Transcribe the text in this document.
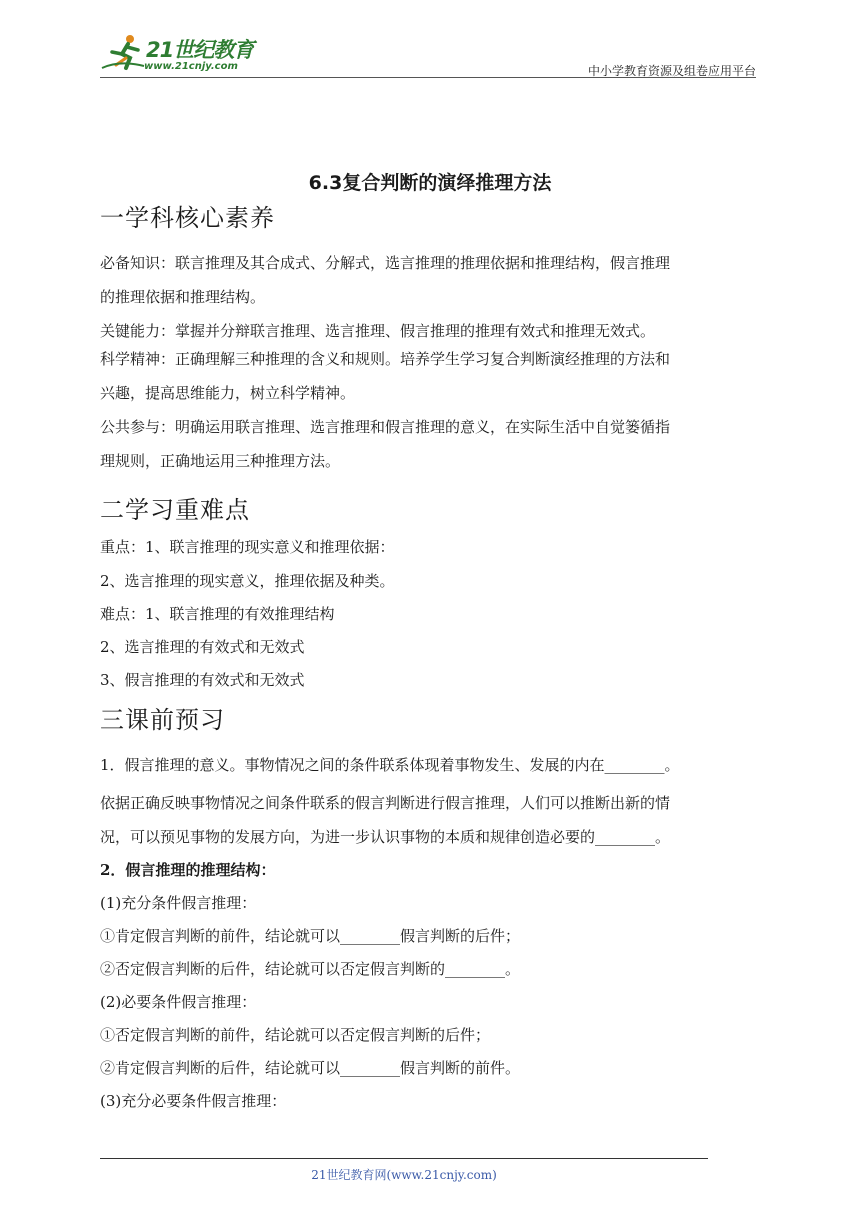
21世纪教育
www.21cnjy.com	中小学教育资源及组卷应用平台
6.3复合判断的演绎推理方法
一学科核心素养
必备知识：联言推理及其合成式、分解式，选言推理的推理依据和推理结构，假言推理
的推理依据和推理结构。
关键能力：掌握并分辩联言推理、选言推理、假言推理的推理有效式和推理无效式。
科学精神：正确理解三种推理的含义和规则。培养学生学习复合判断演经推理的方法和
兴趣，提高思维能力，树立科学精神。
公共参与：明确运用联言推理、选言推理和假言推理的意义，在实际生活中自觉篓循指
理规则，正确地运用三种推理方法。
二学习重难点
重点：1、联言推理的现实意义和推理依据：
2、选言推理的现实意义，推理依据及种类。
难点：1、联言推理的有效推理结构
2、选言推理的有效式和无效式
3、假言推理的有效式和无效式
三课前预习
1．假言推理的意义。事物情况之间的条件联系体现着事物发生、发展的内在________。
依据正确反映事物情况之间条件联系的假言判断进行假言推理，人们可以推断出新的情
况，可以预见事物的发展方向，为进一步认识事物的本质和规律创造必要的________。
2．假言推理的推理结构：
(1)充分条件假言推理：
①肯定假言判断的前件，结论就可以________假言判断的后件；
②否定假言判断的后件，结论就可以否定假言判断的________。
(2)必要条件假言推理：
①否定假言判断的前件，结论就可以否定假言判断的后件；
②肯定假言判断的后件，结论就可以________假言判断的前件。
(3)充分必要条件假言推理：
21世纪教育网(www.21cnjy.com)
